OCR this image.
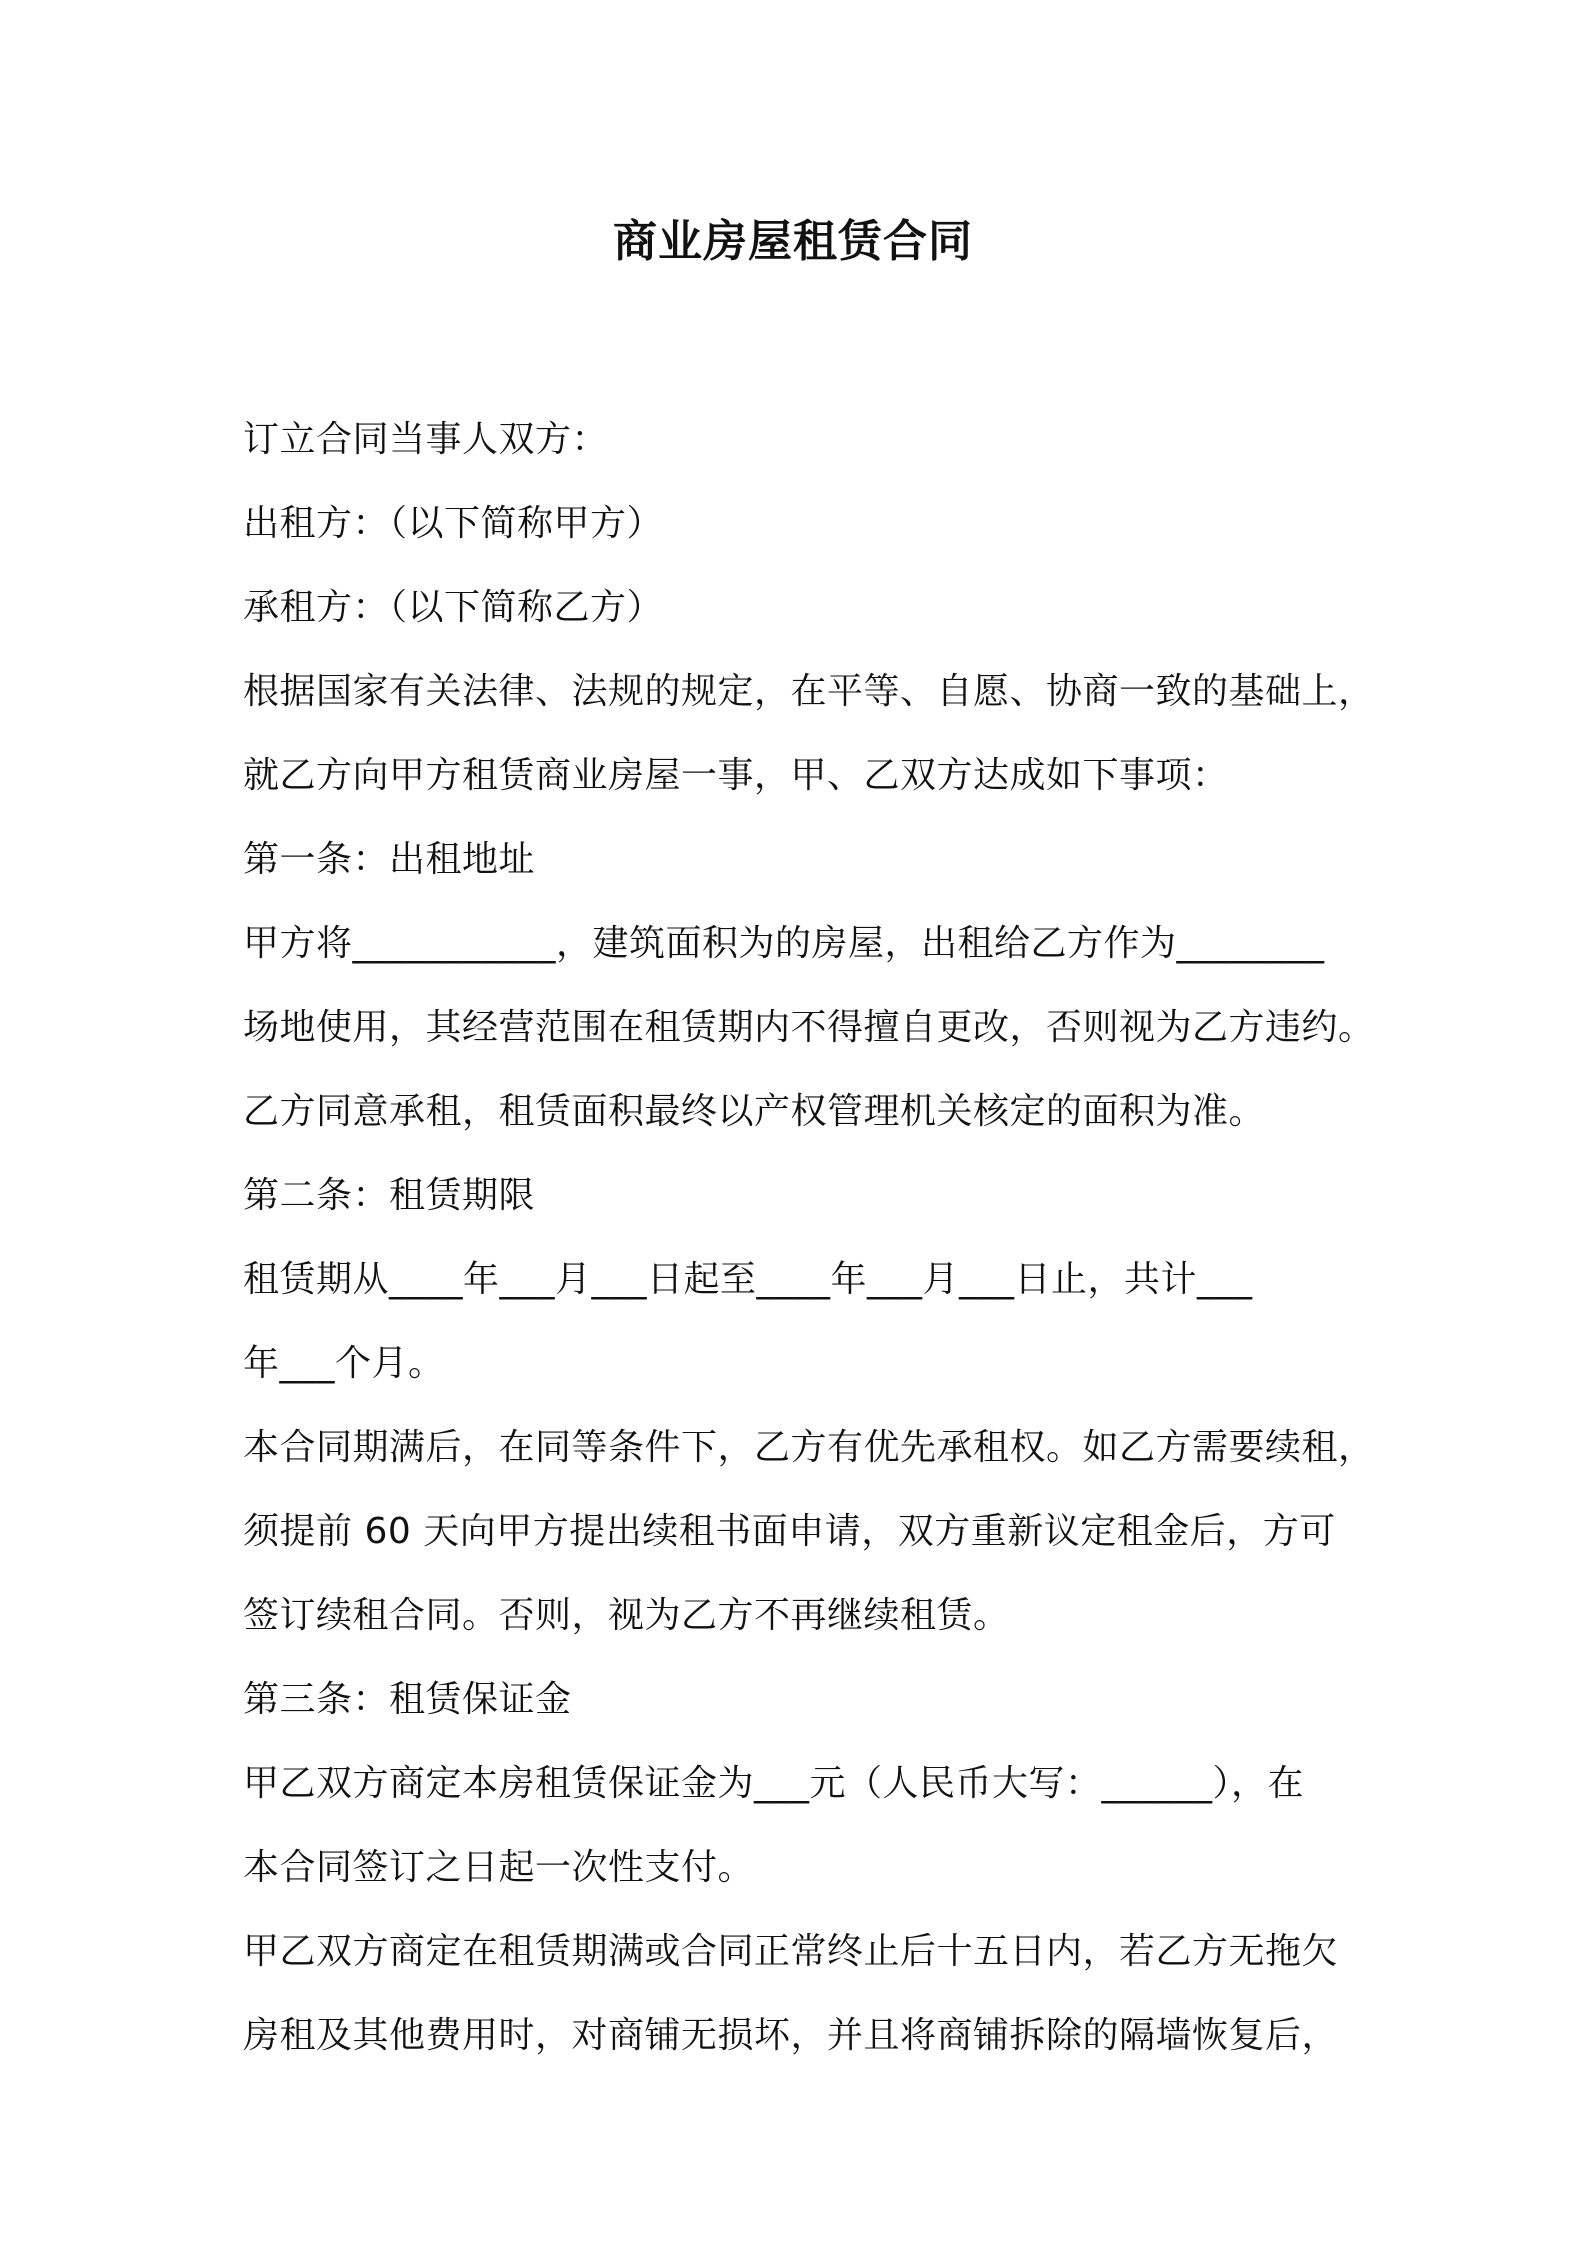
商业房屋租赁合同
订立合同当事人双方：
出租方：（以下简称甲方）
承租方：（以下简称乙方）
根据国家有关法律、法规的规定，在平等、自愿、协商一致的基础上，
就乙方向甲方租赁商业房屋一事，甲、乙双方达成如下事项：
第一条：出租地址
甲方将___________，建筑面积为的房屋，出租给乙方作为________
场地使用，其经营范围在租赁期内不得擅自更改，否则视为乙方违约。
乙方同意承租，租赁面积最终以产权管理机关核定的面积为准。
第二条：租赁期限
租赁期从____年___月___日起至____年___月___日止，共计___
年___个月。
本合同期满后，在同等条件下，乙方有优先承租权。如乙方需要续租，
须提前 60 天向甲方提出续租书面申请，双方重新议定租金后，方可
签订续租合同。否则，视为乙方不再继续租赁。
第三条：租赁保证金
甲乙双方商定本房租赁保证金为___元（人民币大写：______），在
本合同签订之日起一次性支付。
甲乙双方商定在租赁期满或合同正常终止后十五日内，若乙方无拖欠
房租及其他费用时，对商铺无损坏，并且将商铺拆除的隔墙恢复后，
